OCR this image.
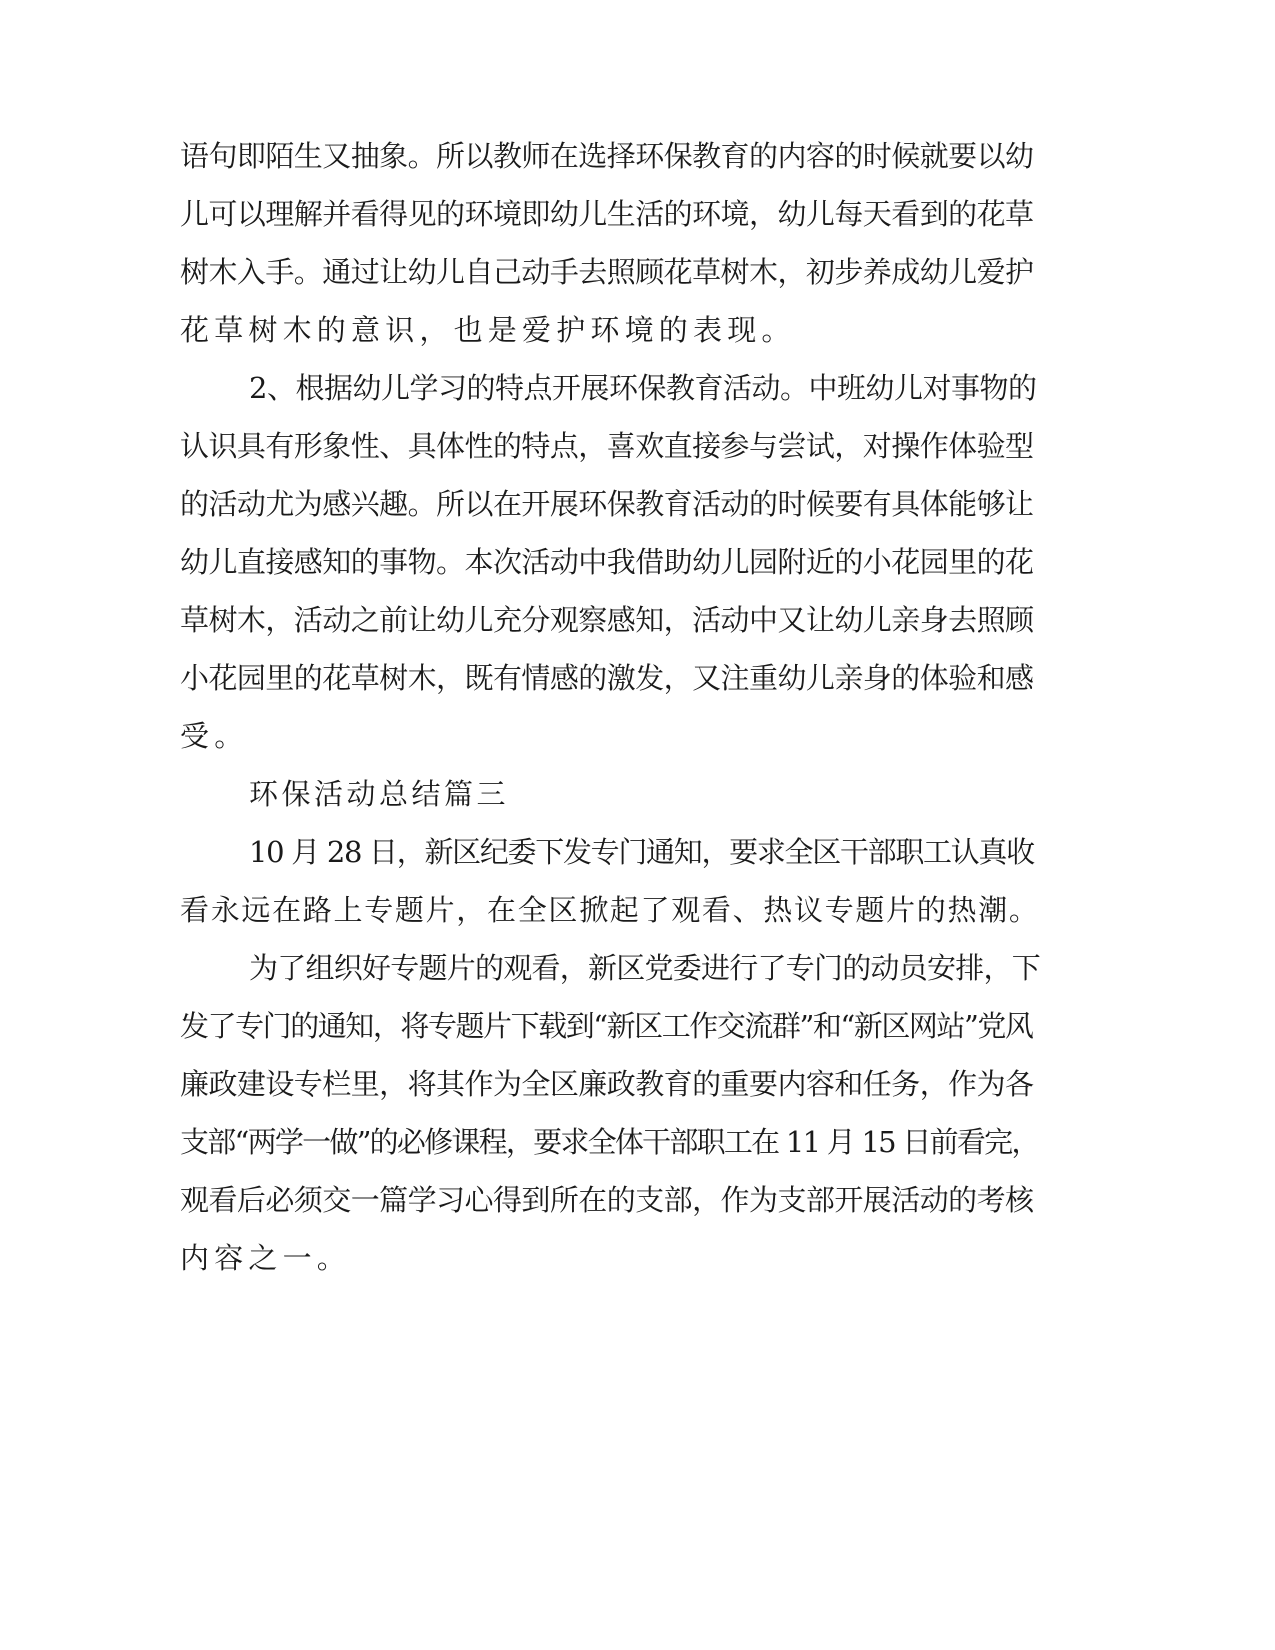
语句即陌生又抽象。所以教师在选择环保教育的内容的时候就要以幼
儿可以理解并看得见的环境即幼儿生活的环境，幼儿每天看到的花草
树木入手。通过让幼儿自己动手去照顾花草树木，初步养成幼儿爱护
花草树木的意识，也是爱护环境的表现。
2、根据幼儿学习的特点开展环保教育活动。中班幼儿对事物的
认识具有形象性、具体性的特点，喜欢直接参与尝试，对操作体验型
的活动尤为感兴趣。所以在开展环保教育活动的时候要有具体能够让
幼儿直接感知的事物。本次活动中我借助幼儿园附近的小花园里的花
草树木，活动之前让幼儿充分观察感知，活动中又让幼儿亲身去照顾
小花园里的花草树木，既有情感的激发，又注重幼儿亲身的体验和感
受。
环保活动总结篇三
10 月 28 日，新区纪委下发专门通知，要求全区干部职工认真收
看永远在路上专题片，在全区掀起了观看、热议专题片的热潮。
为了组织好专题片的观看，新区党委进行了专门的动员安排，下
发了专门的通知，将专题片下载到“新区工作交流群”和“新区网站”党风
廉政建设专栏里，将其作为全区廉政教育的重要内容和任务，作为各
支部“两学一做”的必修课程，要求全体干部职工在 11 月 15 日前看完，
观看后必须交一篇学习心得到所在的支部，作为支部开展活动的考核
内容之一。
